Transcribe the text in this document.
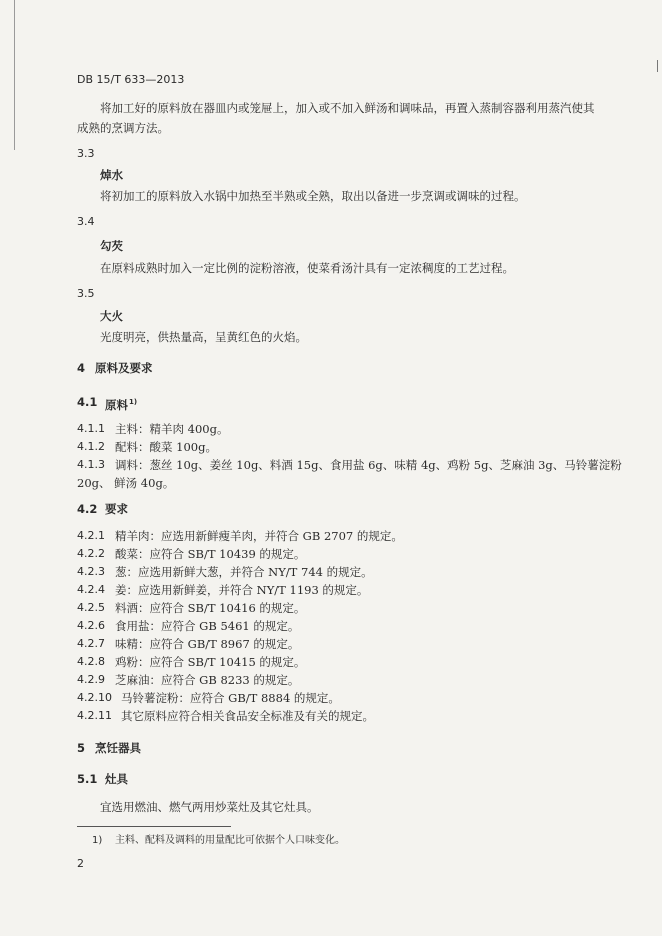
DB 15/T 633—2013
将加工好的原料放在器皿内或笼屉上，加入或不加入鲜汤和调味品，再置入蒸制容器利用蒸汽使其
成熟的烹调方法。
3.3
焯水
将初加工的原料放入水锅中加热至半熟或全熟，取出以备进一步烹调或调味的过程。
3.4
勾芡
在原料成熟时加入一定比例的淀粉溶液，使菜肴汤汁具有一定浓稠度的工艺过程。
3.5
大火
光度明亮，供热量高，呈黄红色的火焰。
4 原料及要求
4.1 原料$^{1)}$
4.1.1 主料：精羊肉 400g。
4.1.2 配料：酸菜 100g。
4.1.3 调料：葱丝 10g、姜丝 10g、料酒 15g、食用盐 6g、味精 4g、鸡粉 5g、芝麻油 3g、马铃薯淀粉
20g、 鲜汤 40g。
4.2 要求
4.2.1 精羊肉：应选用新鲜瘦羊肉，并符合 GB 2707 的规定。
4.2.2 酸菜：应符合 SB/T 10439 的规定。
4.2.3 葱：应选用新鲜大葱，并符合 NY/T 744 的规定。
4.2.4 姜：应选用新鲜姜，并符合 NY/T 1193 的规定。
4.2.5 料酒：应符合 SB/T 10416 的规定。
4.2.6 食用盐：应符合 GB 5461 的规定。
4.2.7 味精：应符合 GB/T 8967 的规定。
4.2.8 鸡粉：应符合 SB/T 10415 的规定。
4.2.9 芝麻油：应符合 GB 8233 的规定。
4.2.10 马铃薯淀粉：应符合 GB/T 8884 的规定。
4.2.11 其它原料应符合相关食品安全标准及有关的规定。
5 烹饪器具
5.1 灶具
宜选用燃油、燃气两用炒菜灶及其它灶具。
1) 主料、配料及调料的用量配比可依据个人口味变化。
2
